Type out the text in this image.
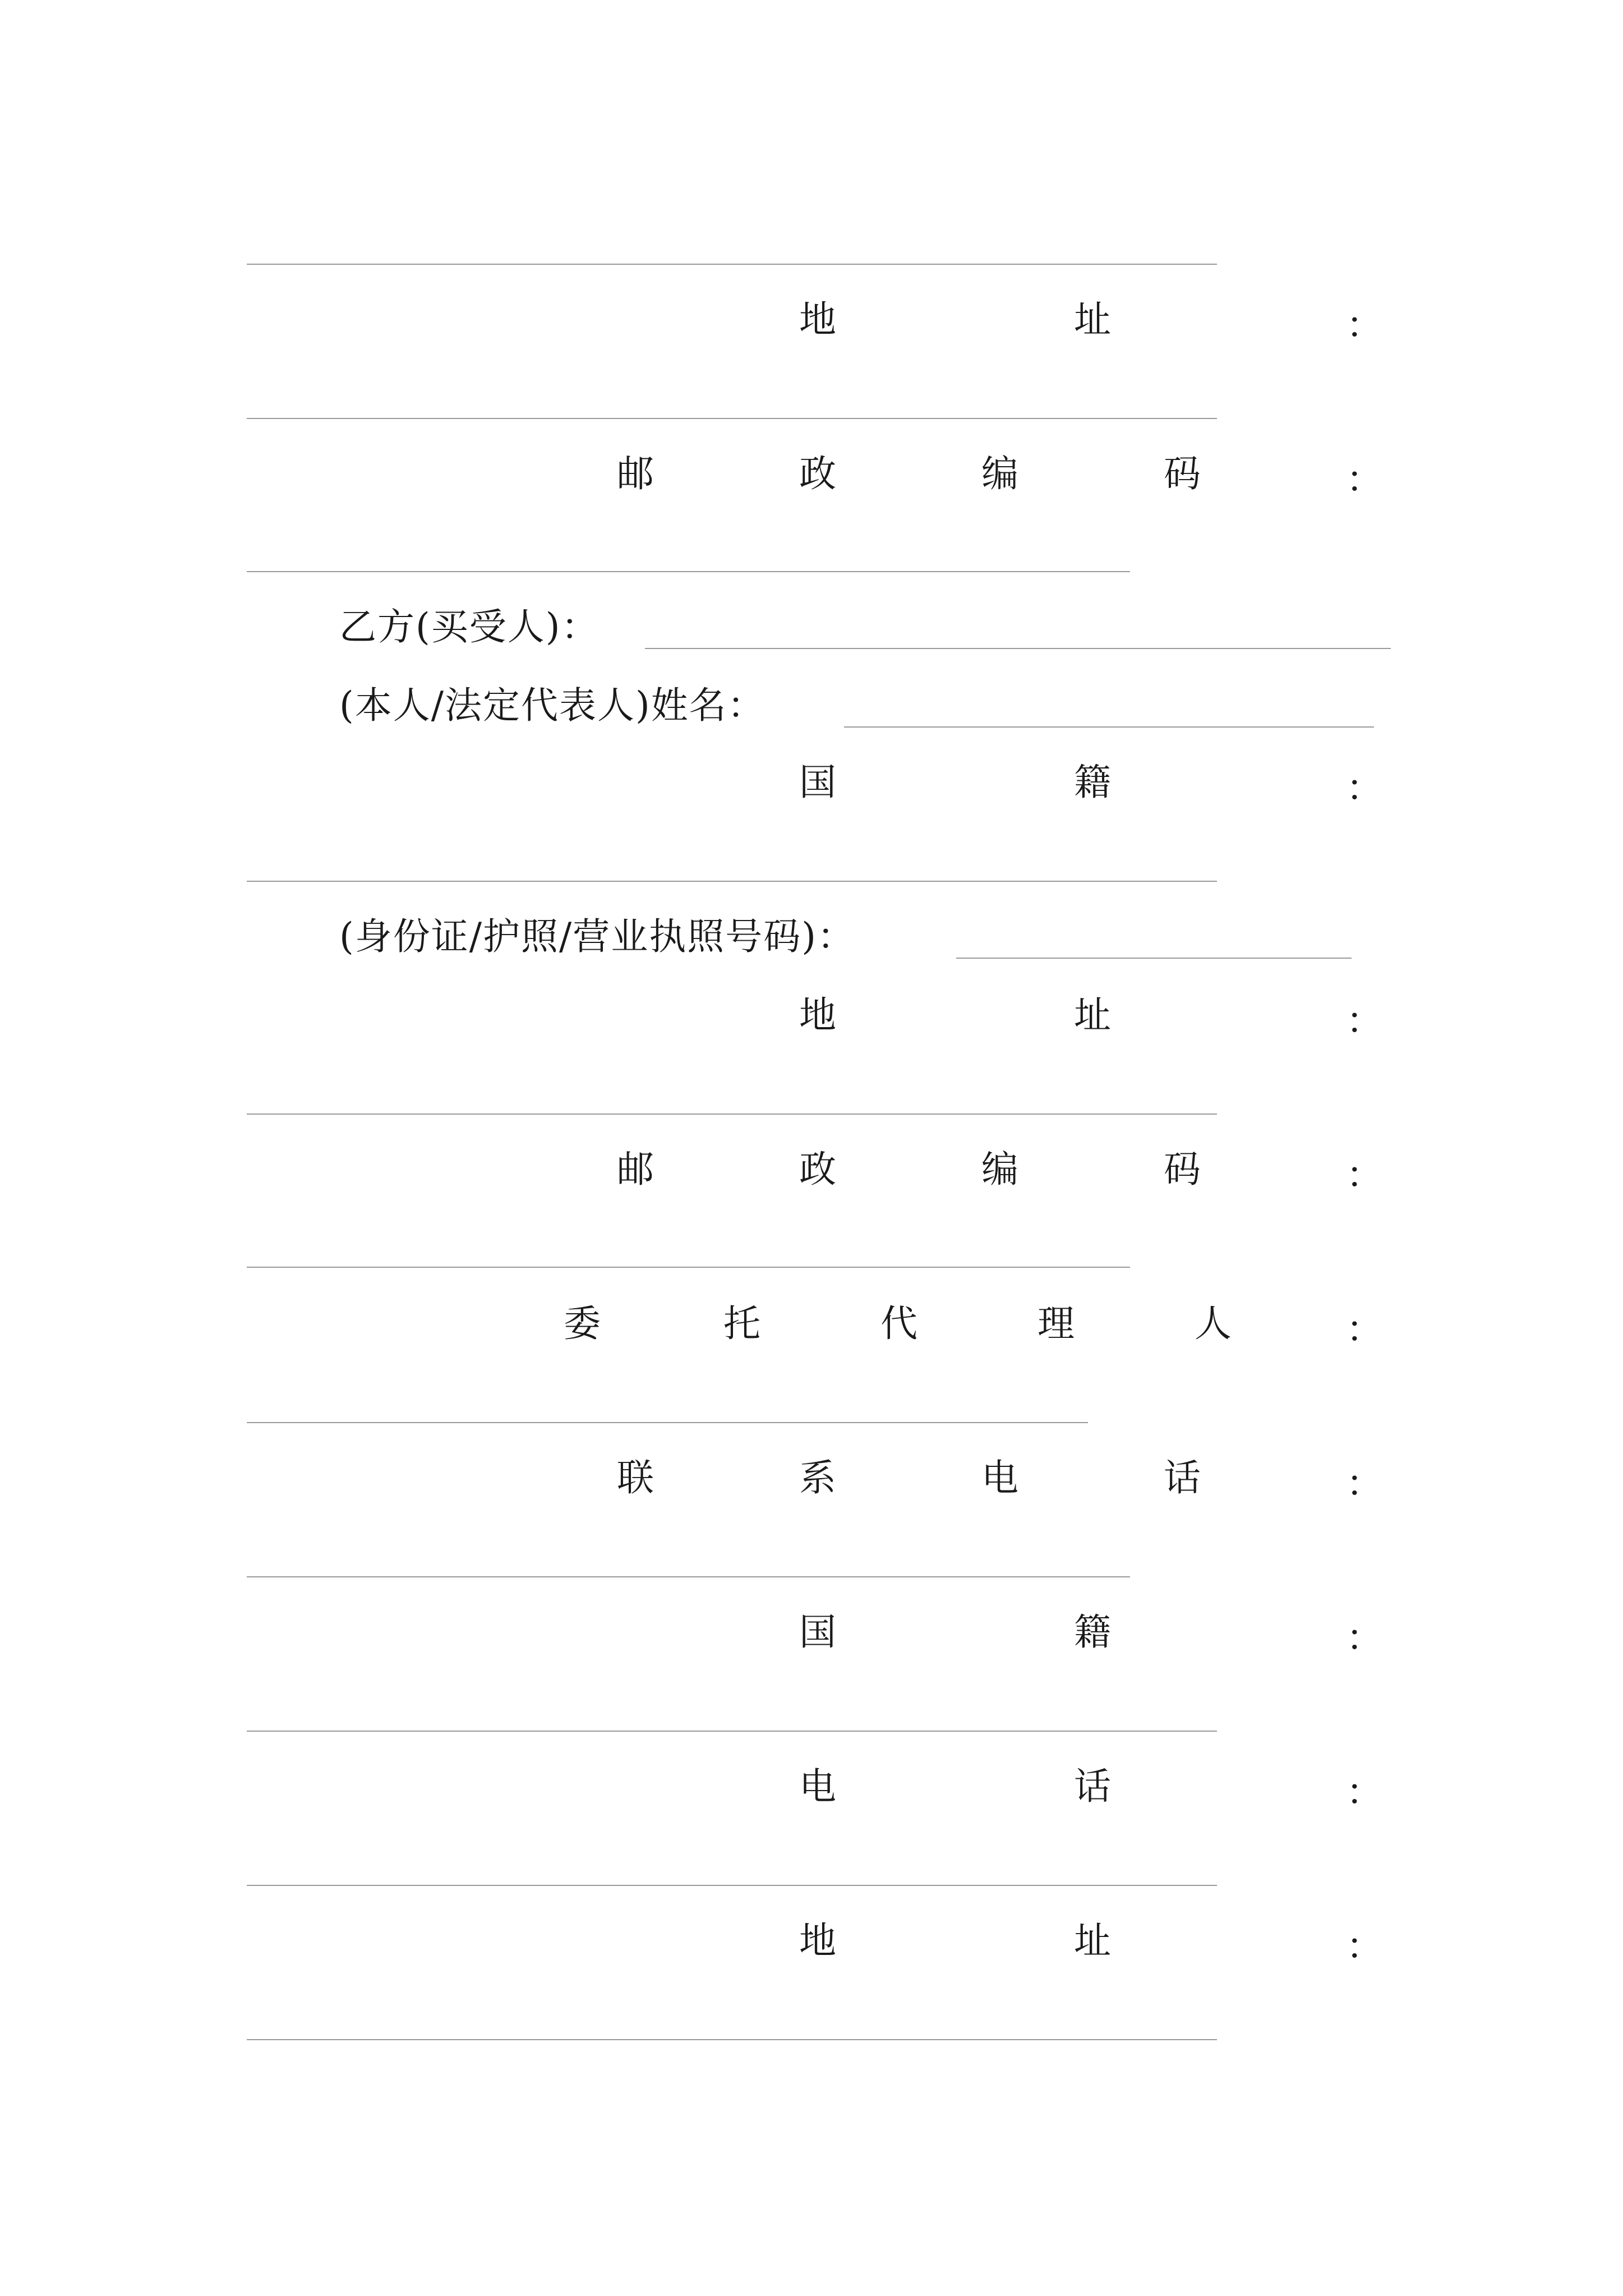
地	址	：
邮	政	编	码	：
乙方(买受人)：
(本人/法定代表人)姓名：
国	籍	：
(身份证/护照/营业执照号码)：
地	址	：
邮	政	编	码	：
委	托	代	理	人	：
联	系	电	话	：
国	籍	：
电	话	：
地	址	：
